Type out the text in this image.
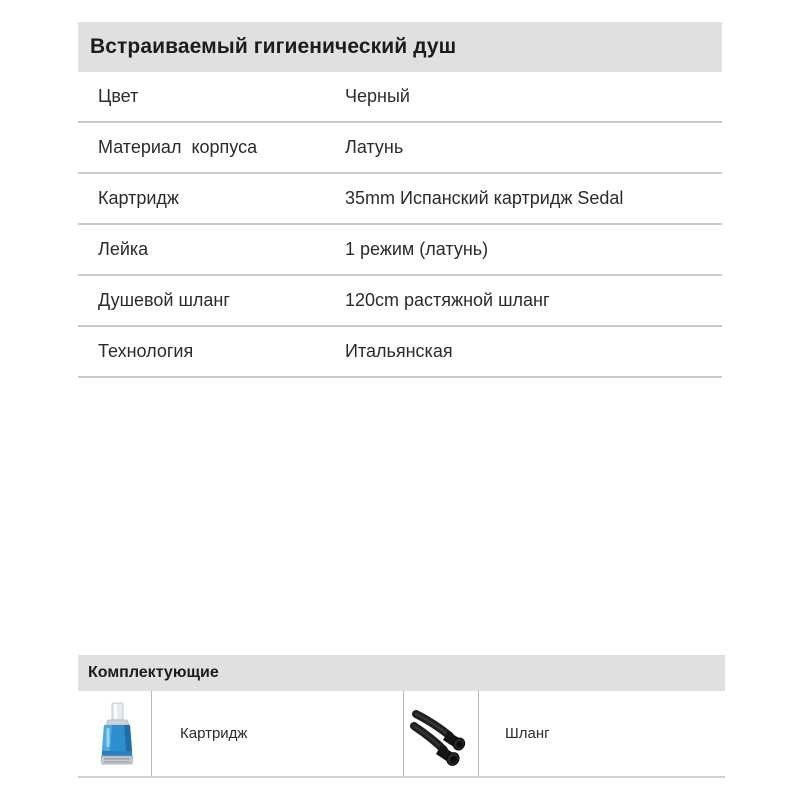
Встраиваемый гигиенический душ
Цвет	Черный
Материал  корпуса	Латунь
Картридж	35mm Испанский картридж Sedal
Лейка	1 режим (латунь)
Душевой шланг	120cm растяжной шланг
Технология	Итальянская
Комплектующие
Картридж	Шланг
